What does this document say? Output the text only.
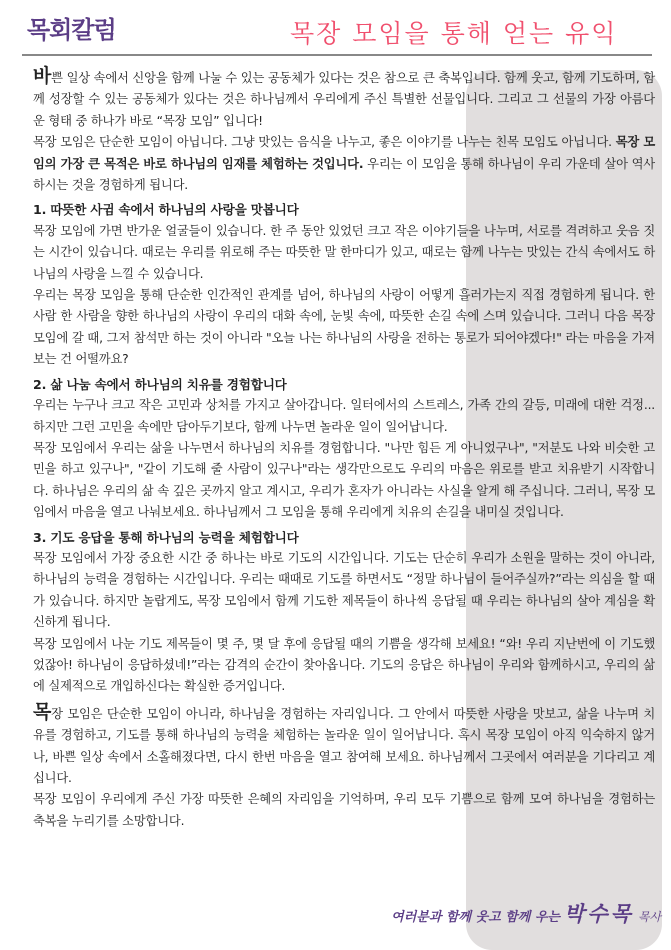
목회칼럼	목장 모임을 통해 얻는 유익

바쁜 일상 속에서 신앙을 함께 나눌 수 있는 공동체가 있다는 것은 참으로 큰 축복입니다. 함께 웃고, 함께 기도하며, 함께 성장할 수 있는 공동체가 있다는 것은 하나님께서 우리에게 주신 특별한 선물입니다. 그리고 그 선물의 가장 아름다운 형태 중 하나가 바로 “목장 모임” 입니다!

목장 모임은 단순한 모임이 아닙니다. 그냥 맛있는 음식을 나누고, 좋은 이야기를 나누는 친목 모임도 아닙니다. 목장 모임의 가장 큰 목적은 바로 하나님의 임재를 체험하는 것입니다. 우리는 이 모임을 통해 하나님이 우리 가운데 살아 역사하시는 것을 경험하게 됩니다.

1. 따뜻한 사귐 속에서 하나님의 사랑을 맛봅니다

목장 모임에 가면 반가운 얼굴들이 있습니다. 한 주 동안 있었던 크고 작은 이야기들을 나누며, 서로를 격려하고 웃음 짓는 시간이 있습니다. 때로는 우리를 위로해 주는 따뜻한 말 한마디가 있고, 때로는 함께 나누는 맛있는 간식 속에서도 하나님의 사랑을 느낄 수 있습니다.

우리는 목장 모임을 통해 단순한 인간적인 관계를 넘어, 하나님의 사랑이 어떻게 흘러가는지 직접 경험하게 됩니다. 한 사람 한 사람을 향한 하나님의 사랑이 우리의 대화 속에, 눈빛 속에, 따뜻한 손길 속에 스며 있습니다. 그러니 다음 목장 모임에 갈 때, 그저 참석만 하는 것이 아니라 "오늘 나는 하나님의 사랑을 전하는 통로가 되어야겠다!" 라는 마음을 가져보는 건 어떨까요?

2. 삶 나눔 속에서 하나님의 치유를 경험합니다

우리는 누구나 크고 작은 고민과 상처를 가지고 살아갑니다. 일터에서의 스트레스, 가족 간의 갈등, 미래에 대한 걱정... 하지만 그런 고민을 속에만 담아두기보다, 함께 나누면 놀라운 일이 일어납니다.

목장 모임에서 우리는 삶을 나누면서 하나님의 치유를 경험합니다. "나만 힘든 게 아니었구나", "저분도 나와 비슷한 고민을 하고 있구나", "같이 기도해 줄 사람이 있구나"라는 생각만으로도 우리의 마음은 위로를 받고 치유받기 시작합니다. 하나님은 우리의 삶 속 깊은 곳까지 알고 계시고, 우리가 혼자가 아니라는 사실을 알게 해 주십니다. 그러니, 목장 모임에서 마음을 열고 나눠보세요. 하나님께서 그 모임을 통해 우리에게 치유의 손길을 내미실 것입니다.

3. 기도 응답을 통해 하나님의 능력을 체험합니다

목장 모임에서 가장 중요한 시간 중 하나는 바로 기도의 시간입니다. 기도는 단순히 우리가 소원을 말하는 것이 아니라, 하나님의 능력을 경험하는 시간입니다. 우리는 때때로 기도를 하면서도 “정말 하나님이 들어주실까?”라는 의심을 할 때가 있습니다. 하지만 놀랍게도, 목장 모임에서 함께 기도한 제목들이 하나씩 응답될 때 우리는 하나님의 살아 계심을 확신하게 됩니다.

목장 모임에서 나눈 기도 제목들이 몇 주, 몇 달 후에 응답될 때의 기쁨을 생각해 보세요! “와! 우리 지난번에 이 기도했었잖아! 하나님이 응답하셨네!”라는 감격의 순간이 찾아옵니다. 기도의 응답은 하나님이 우리와 함께하시고, 우리의 삶에 실제적으로 개입하신다는 확실한 증거입니다.

목장 모임은 단순한 모임이 아니라, 하나님을 경험하는 자리입니다. 그 안에서 따뜻한 사랑을 맛보고, 삶을 나누며 치유를 경험하고, 기도를 통해 하나님의 능력을 체험하는 놀라운 일이 일어납니다. 혹시 목장 모임이 아직 익숙하지 않거나, 바쁜 일상 속에서 소홀해졌다면, 다시 한번 마음을 열고 참여해 보세요. 하나님께서 그곳에서 여러분을 기다리고 계십니다.

목장 모임이 우리에게 주신 가장 따뜻한 은혜의 자리임을 기억하며, 우리 모두 기쁨으로 함께 모여 하나님을 경험하는 축복을 누리기를 소망합니다.

여러분과 함께 웃고 함께 우는 박수목 목사
